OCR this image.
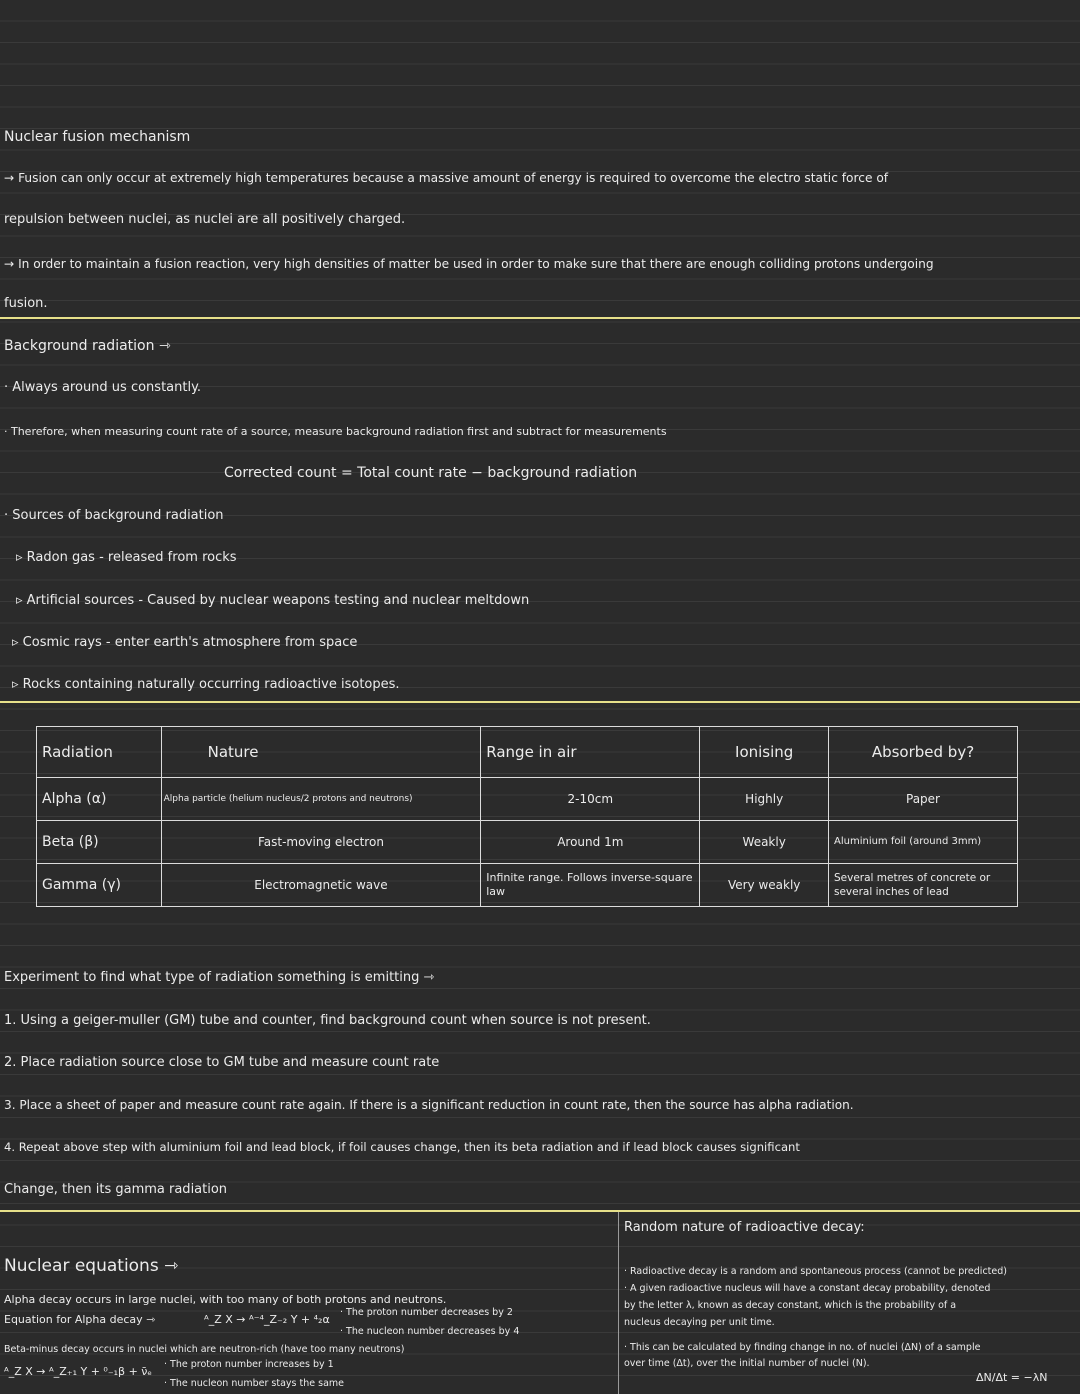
Nuclear fusion mechanism
→ Fusion can only occur at extremely high temperatures because a massive amount of energy is required to overcome the electro static force of
repulsion between nuclei, as nuclei are all positively charged.
→ In order to maintain a fusion reaction, very high densities of matter be used in order to make sure that there are enough colliding protons undergoing
fusion.
Background radiation ⇾
· Always around us constantly.
· Therefore, when measuring count rate of a source, measure background radiation first and subtract for measurements
Corrected count = Total count rate − background radiation
· Sources of background radiation
▹ Radon gas - released from rocks
▹ Artificial sources - Caused by nuclear weapons testing and nuclear meltdown
▹ Cosmic rays - enter earth's atmosphere from space
▹ Rocks containing naturally occurring radioactive isotopes.
Radiation	Nature	Range in air	Ionising	Absorbed by?
Alpha (α)	Alpha particle (helium nucleus/2 protons and neutrons)	2-10cm	Highly	Paper
Beta (β)	Fast-moving electron	Around 1m	Weakly	Aluminium foil (around 3mm)
Gamma (γ)	Electromagnetic wave	Infinite range. Follows inverse-square law	Very weakly	Several metres of concrete or several inches of lead
Experiment to find what type of radiation something is emitting ⇾
1. Using a geiger-muller (GM) tube and counter, find background count when source is not present.
2. Place radiation source close to GM tube and measure count rate
3. Place a sheet of paper and measure count rate again. If there is a significant reduction in count rate, then the source has alpha radiation.
4. Repeat above step with aluminium foil and lead block, if foil causes change, then its beta radiation and if lead block causes significant
Change, then its gamma radiation
Nuclear equations ⇾
Alpha decay occurs in large nuclei, with too many of both protons and neutrons.
Equation for Alpha decay ⇾	ᴬ_Z X → ᴬ⁻⁴_Z₋₂ Y + ⁴₂α
· The proton number decreases by 2
· The nucleon number decreases by 4
Beta-minus decay occurs in nuclei which are neutron-rich (have too many neutrons)
ᴬ_Z X → ᴬ_Z₊₁ Y + ⁰₋₁β + ν̄ₑ
· The proton number increases by 1
· The nucleon number stays the same
Random nature of radioactive decay:
· Radioactive decay is a random and spontaneous process (cannot be predicted)
· A given radioactive nucleus will have a constant decay probability, denoted
by the letter λ, known as decay constant, which is the probability of a
nucleus decaying per unit time.
· This can be calculated by finding change in no. of nuclei (ΔN) of a sample
over time (Δt), over the initial number of nuclei (N).
ΔN/Δt = −λN
